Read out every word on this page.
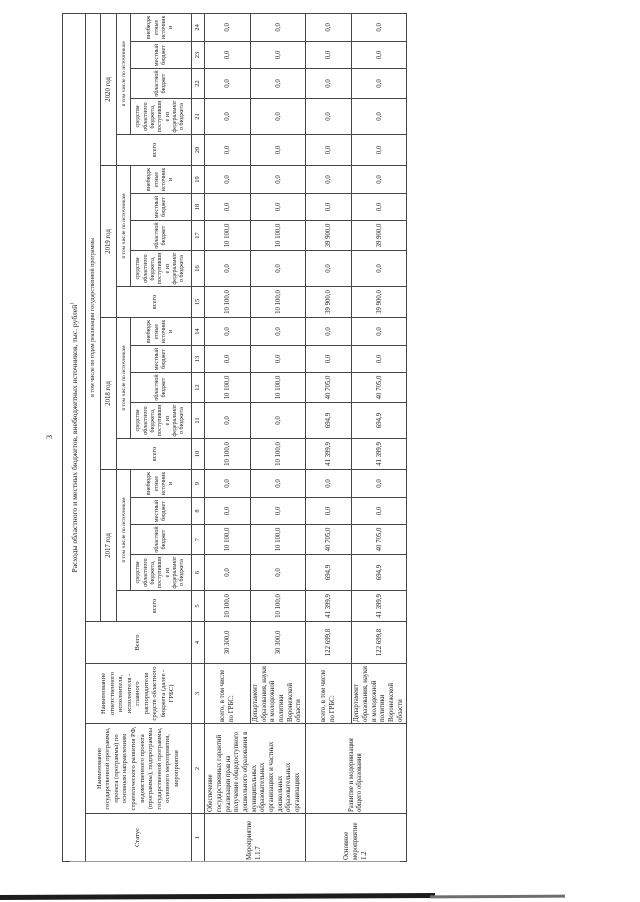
3	Расходы областного и местных бюджетов, внебюджетных источников, тыс. рублей$^1$
Статус	Наименование государственной программы, проекта (программы) по основным направлениям стратегического развития РФ, ведомственного проекта (программы), подпрограммы государственной программы, основного мероприятия, мероприятия	Наименование ответственного исполнителя, исполнителя - главного распорядителя средств областного бюджета (далее - ГРБС)	Всего	в том числе по годам реализации государственной программы																			
				2017 год					2018 год					2019 год					2020 год				
				всего	в том числе по источникам				всего	в том числе по источникам				всего	в том числе по источникам				всего	в том числе по источникам			
					средства областного бюджета, поступившие из федерального бюджета	областной бюджет	местный бюджет	внебюджетные источники		средства областного бюджета, поступившие из федерального бюджета	областной бюджет	местный бюджет	внебюджетные источники		средства областного бюджета, поступившие из федерального бюджета	областной бюджет	местный бюджет	внебюджетные источники		средства областного бюджета, поступившие из федерального бюджета	областной бюджет	местный бюджет	внебюджетные источники
1	2	3	4	5	6	7	8	9	10	11	12	13	14	15	16	17	18	19	20	21	22	23	24
Мероприятие 1.1.7	Обеспечение государственных гарантий реализации прав на получение общедоступного дошкольного образования в муниципальных образовательных организациях и частных дошкольных образовательных организациях	всего, в том числе по ГРБС:	30 300,0	10 100,0	0,0	10 100,0	0,0	0,0	10 100,0	0,0	10 100,0	0,0	0,0	10 100,0	0,0	10 100,0	0,0	0,0	0,0	0,0	0,0	0,0	0,0
		Департамент образования, науки и молодежной политики Воронежской области	30 300,0	10 100,0	0,0	10 100,0	0,0	0,0	10 100,0	0,0	10 100,0	0,0	0,0	10 100,0	0,0	10 100,0	0,0	0,0	0,0	0,0	0,0	0,0	0,0
Основное мероприятие 1.2	Развитие и модернизация общего образования	всего, в том числе по ГРБС:	122 699,8	41 399,9	694,9	40 705,0	0,0	0,0	41 399,9	694,9	40 705,0	0,0	0,0	39 900,0	0,0	39 900,0	0,0	0,0	0,0	0,0	0,0	0,0	0,0
		Департамент образования, науки и молодежной политики Воронежской области	122 699,8	41 399,9	694,9	40 705,0	0,0	0,0	41 399,9	694,9	40 705,0	0,0	0,0	39 900,0	0,0	39 900,0	0,0	0,0	0,0	0,0	0,0	0,0	0,0
